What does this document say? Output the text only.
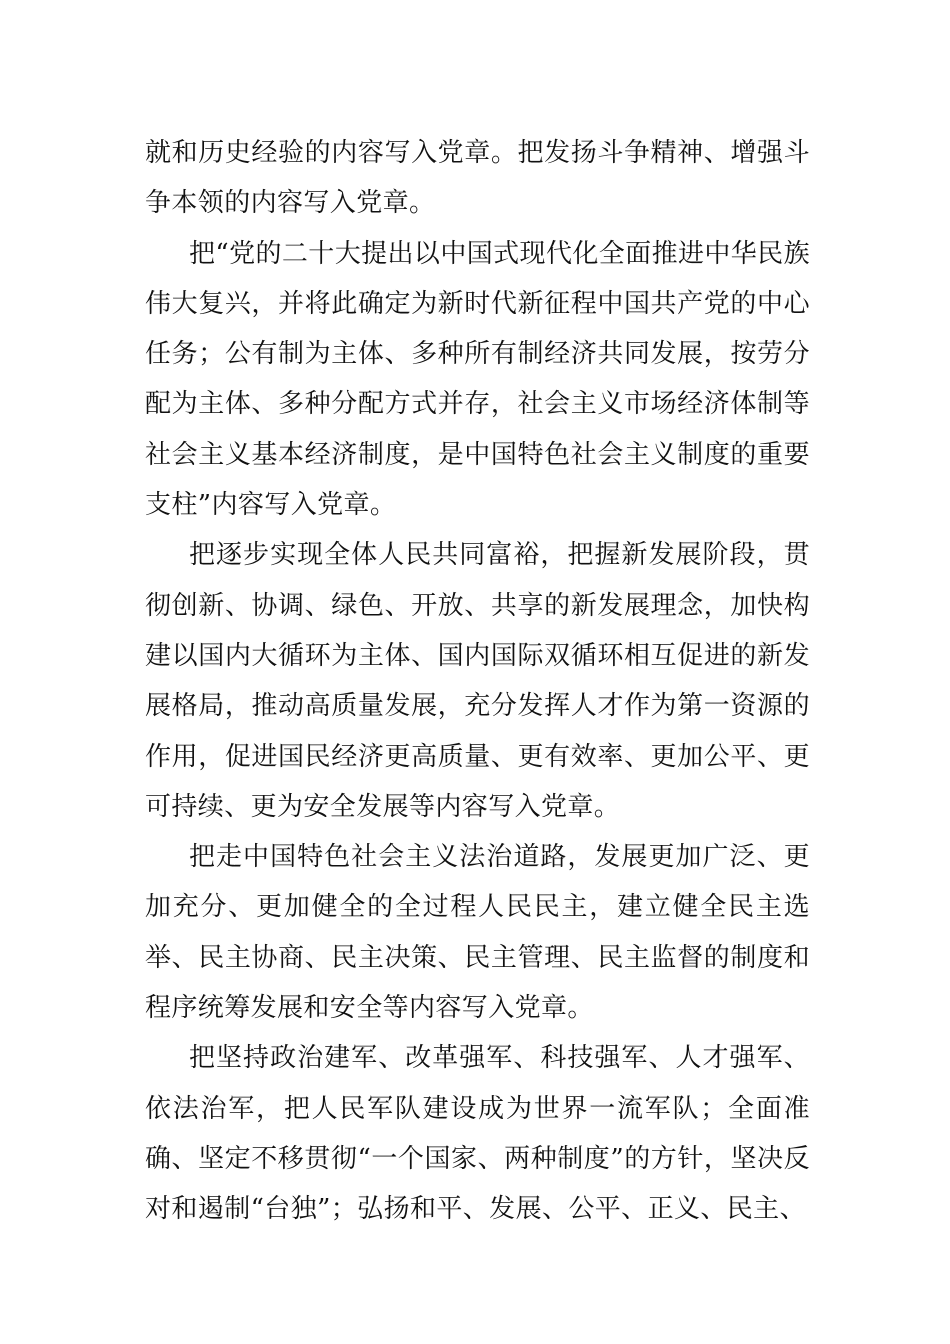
就和历史经验的内容写入党章。把发扬斗争精神、增强斗争本领的内容写入党章。

把“党的二十大提出以中国式现代化全面推进中华民族伟大复兴，并将此确定为新时代新征程中国共产党的中心任务；公有制为主体、多种所有制经济共同发展，按劳分配为主体、多种分配方式并存，社会主义市场经济体制等社会主义基本经济制度，是中国特色社会主义制度的重要支柱”内容写入党章。

把逐步实现全体人民共同富裕，把握新发展阶段，贯彻创新、协调、绿色、开放、共享的新发展理念，加快构建以国内大循环为主体、国内国际双循环相互促进的新发展格局，推动高质量发展，充分发挥人才作为第一资源的作用，促进国民经济更高质量、更有效率、更加公平、更可持续、更为安全发展等内容写入党章。

把走中国特色社会主义法治道路，发展更加广泛、更加充分、更加健全的全过程人民民主，建立健全民主选举、民主协商、民主决策、民主管理、民主监督的制度和程序统筹发展和安全等内容写入党章。

把坚持政治建军、改革强军、科技强军、人才强军、依法治军，把人民军队建设成为世界一流军队；全面准确、坚定不移贯彻“一个国家、两种制度”的方针，坚决反对和遏制“台独”；弘扬和平、发展、公平、正义、民主、
